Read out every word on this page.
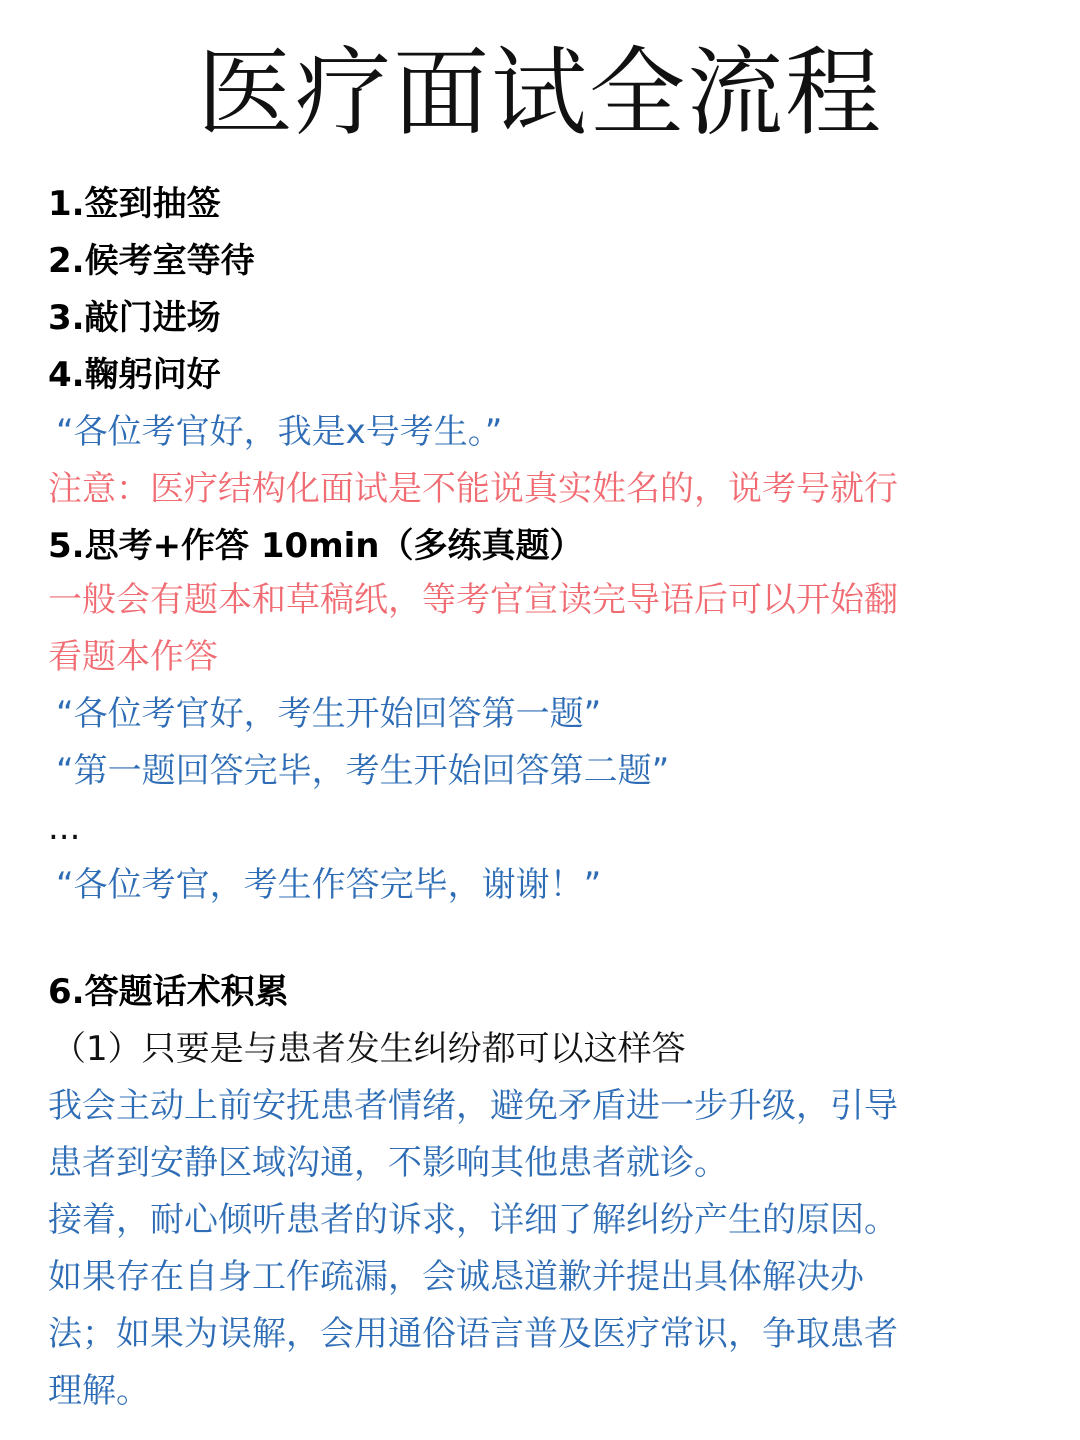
医疗面试全流程
1.签到抽签
2.候考室等待
3.敲门进场
4.鞠躬问好
“各位考官好，我是x号考生。”
注意：医疗结构化面试是不能说真实姓名的，说考号就行
5.思考+作答 10min（多练真题）
一般会有题本和草稿纸，等考官宣读完导语后可以开始翻
看题本作答
“各位考官好，考生开始回答第一题”
“第一题回答完毕，考生开始回答第二题”
...
“各位考官，考生作答完毕，谢谢！”
6.答题话术积累
（1）只要是与患者发生纠纷都可以这样答
我会主动上前安抚患者情绪，避免矛盾进一步升级，引导
患者到安静区域沟通，不影响其他患者就诊。
接着，耐心倾听患者的诉求，详细了解纠纷产生的原因。
如果存在自身工作疏漏，会诚恳道歉并提出具体解决办
法；如果为误解，会用通俗语言普及医疗常识，争取患者
理解。
